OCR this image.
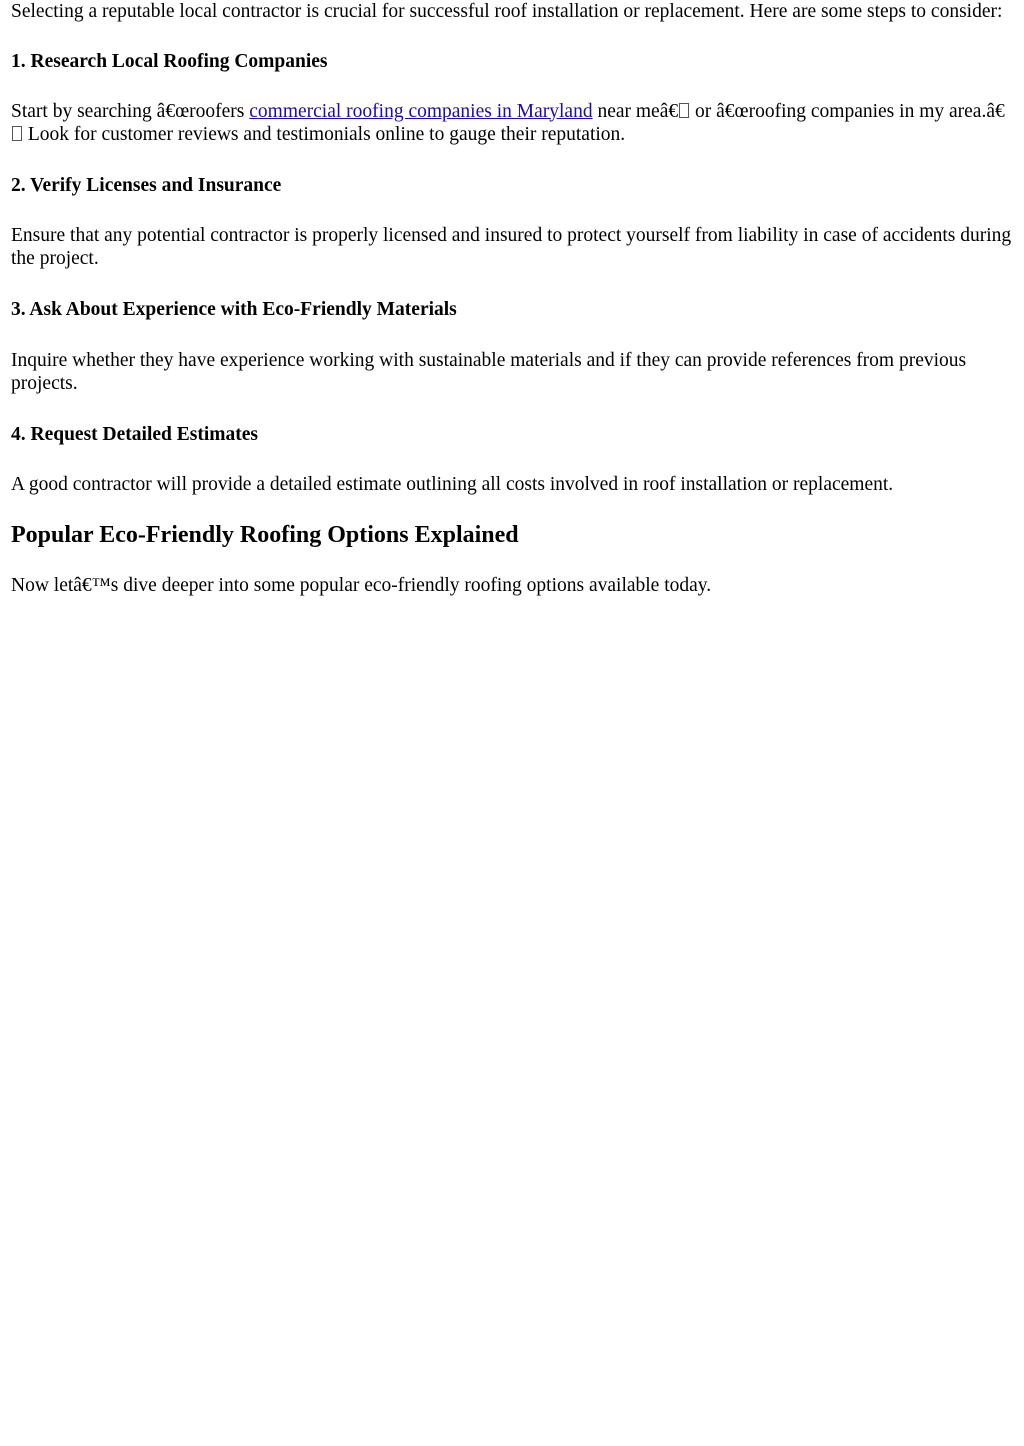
Selecting a reputable local contractor is crucial for successful roof installation or replacement. Here are some steps to consider:

1. Research Local Roofing Companies

Start by searching â€œroofers commercial roofing companies in Maryland near meâ€ or â€œroofing companies in my area.â€ Look for customer reviews and testimonials online to gauge their reputation.

2. Verify Licenses and Insurance

Ensure that any potential contractor is properly licensed and insured to protect yourself from liability in case of accidents during the project.

3. Ask About Experience with Eco-Friendly Materials

Inquire whether they have experience working with sustainable materials and if they can provide references from previous projects.

4. Request Detailed Estimates

A good contractor will provide a detailed estimate outlining all costs involved in roof installation or replacement.

Popular Eco-Friendly Roofing Options Explained

Now letâ€™s dive deeper into some popular eco-friendly roofing options available today.
